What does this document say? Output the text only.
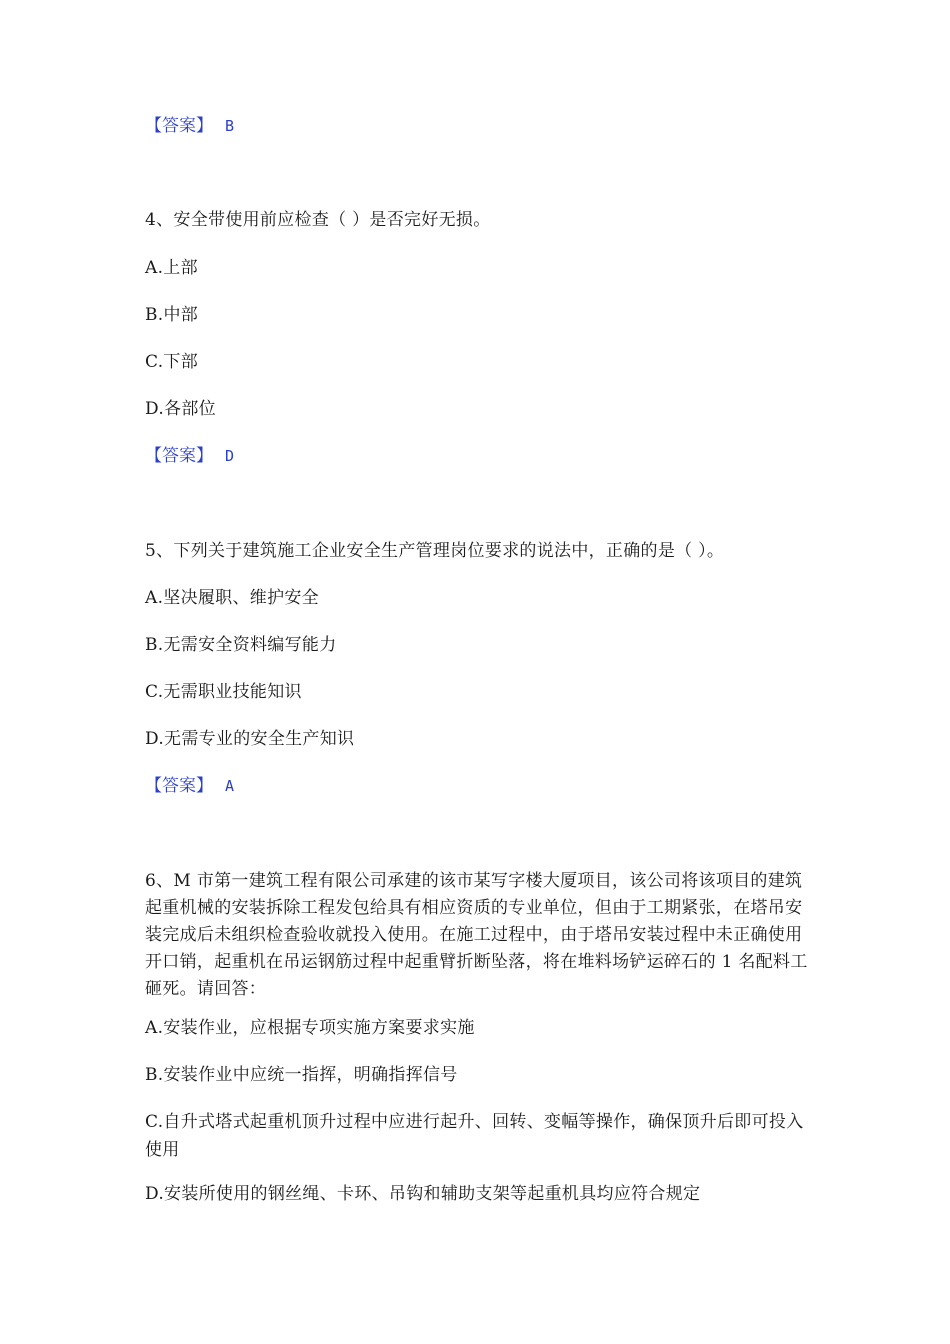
【答案】 B
4、安全带使用前应检查（ ）是否完好无损。
A.上部
B.中部
C.下部
D.各部位
【答案】 D
5、下列关于建筑施工企业安全生产管理岗位要求的说法中，正确的是（ ）。
A.坚决履职、维护安全
B.无需安全资料编写能力
C.无需职业技能知识
D.无需专业的安全生产知识
【答案】 A
6、M 市第一建筑工程有限公司承建的该市某写字楼大厦项目，该公司将该项目的建筑起重机械的安装拆除工程发包给具有相应资质的专业单位，但由于工期紧张，在塔吊安装完成后未组织检查验收就投入使用。在施工过程中，由于塔吊安装过程中未正确使用开口销，起重机在吊运钢筋过程中起重臂折断坠落，将在堆料场铲运碎石的 1 名配料工砸死。请回答：
A.安装作业，应根据专项实施方案要求实施
B.安装作业中应统一指挥，明确指挥信号
C.自升式塔式起重机顶升过程中应进行起升、回转、变幅等操作，确保顶升后即可投入使用
D.安装所使用的钢丝绳、卡环、吊钩和辅助支架等起重机具均应符合规定
